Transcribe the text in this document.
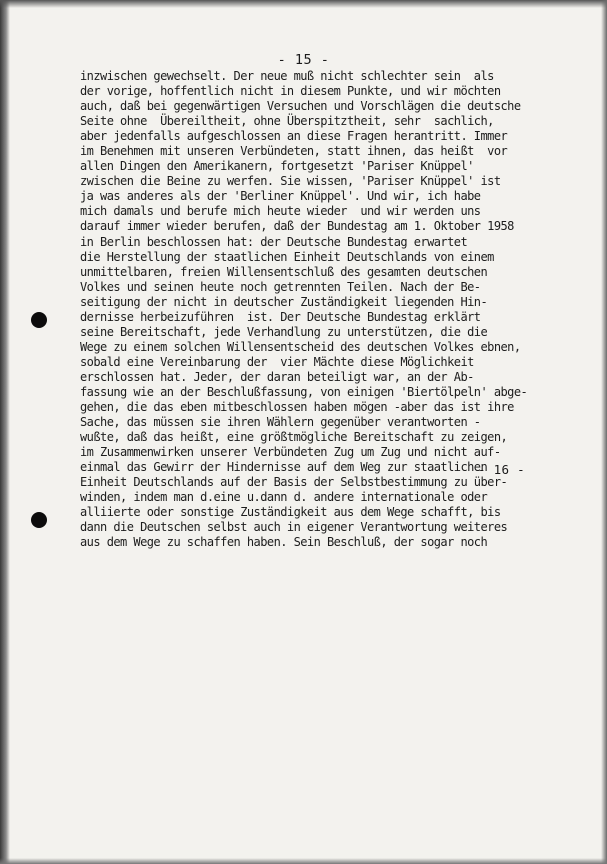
- 15 -
inzwischen gewechselt. Der neue muß nicht schlechter sein  als
der vorige, hoffentlich nicht in diesem Punkte, und wir möchten
auch, daß bei gegenwärtigen Versuchen und Vorschlägen die deutsche
Seite ohne  Übereiltheit, ohne Überspitztheit, sehr  sachlich,
aber jedenfalls aufgeschlossen an diese Fragen herantritt. Immer
im Benehmen mit unseren Verbündeten, statt ihnen, das heißt  vor
allen Dingen den Amerikanern, fortgesetzt 'Pariser Knüppel'
zwischen die Beine zu werfen. Sie wissen, 'Pariser Knüppel' ist
ja was anderes als der 'Berliner Knüppel'. Und wir, ich habe
mich damals und berufe mich heute wieder  und wir werden uns
darauf immer wieder berufen, daß der Bundestag am 1. Oktober 1958
in Berlin beschlossen hat: der Deutsche Bundestag erwartet
die Herstellung der staatlichen Einheit Deutschlands von einem
unmittelbaren, freien Willensentschluß des gesamten deutschen
Volkes und seinen heute noch getrennten Teilen. Nach der Be-
seitigung der nicht in deutscher Zuständigkeit liegenden Hin-
dernisse herbeizuführen  ist. Der Deutsche Bundestag erklärt
seine Bereitschaft, jede Verhandlung zu unterstützen, die die
Wege zu einem solchen Willensentscheid des deutschen Volkes ebnen,
sobald eine Vereinbarung der  vier Mächte diese Möglichkeit
erschlossen hat. Jeder, der daran beteiligt war, an der Ab-
fassung wie an der Beschlußfassung, von einigen 'Biertölpeln' abge-
gehen, die das eben mitbeschlossen haben mögen -aber das ist ihre
Sache, das müssen sie ihren Wählern gegenüber verantworten -
wußte, daß das heißt, eine größtmögliche Bereitschaft zu zeigen,
im Zusammenwirken unserer Verbündeten Zug um Zug und nicht auf-
einmal das Gewirr der Hindernisse auf dem Weg zur staatlichen
Einheit Deutschlands auf der Basis der Selbstbestimmung zu über-
winden, indem man d.eine u.dann d. andere internationale oder
alliierte oder sonstige Zuständigkeit aus dem Wege schafft, bis
dann die Deutschen selbst auch in eigener Verantwortung weiteres
aus dem Wege zu schaffen haben. Sein Beschluß, der sogar noch
- 16 -
